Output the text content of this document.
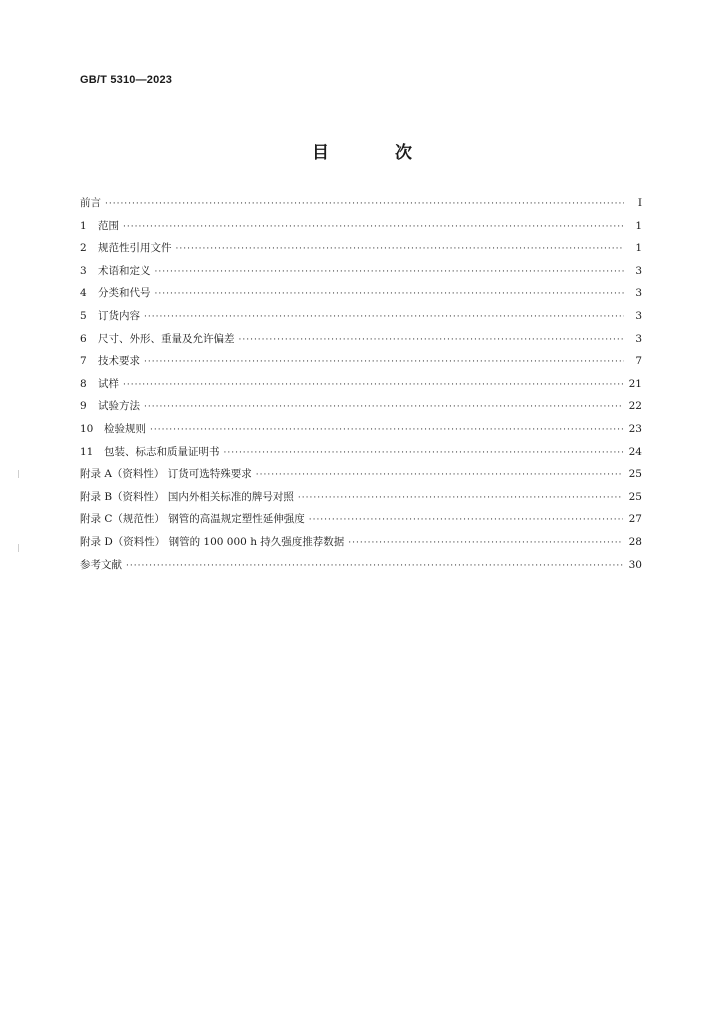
GB/T 5310—2023
目 次
前言 ·····	Ⅰ
1 范围 ·····	1
2 规范性引用文件 ·····	1
3 术语和定义 ·····	3
4 分类和代号 ·····	3
5 订货内容 ·····	3
6 尺寸、外形、重量及允许偏差 ·····	3
7 技术要求 ·····	7
8 试样 ·····	21
9 试验方法 ·····	22
10 检验规则 ·····	23
11 包装、标志和质量证明书 ·····	24
附录 A（资料性） 订货可选特殊要求 ·····	25
附录 B（资料性） 国内外相关标准的牌号对照 ·····	25
附录 C（规范性） 钢管的高温规定塑性延伸强度 ·····	27
附录 D（资料性） 钢管的 100 000 h 持久强度推荐数据 ·····	28
参考文献 ·····	30
